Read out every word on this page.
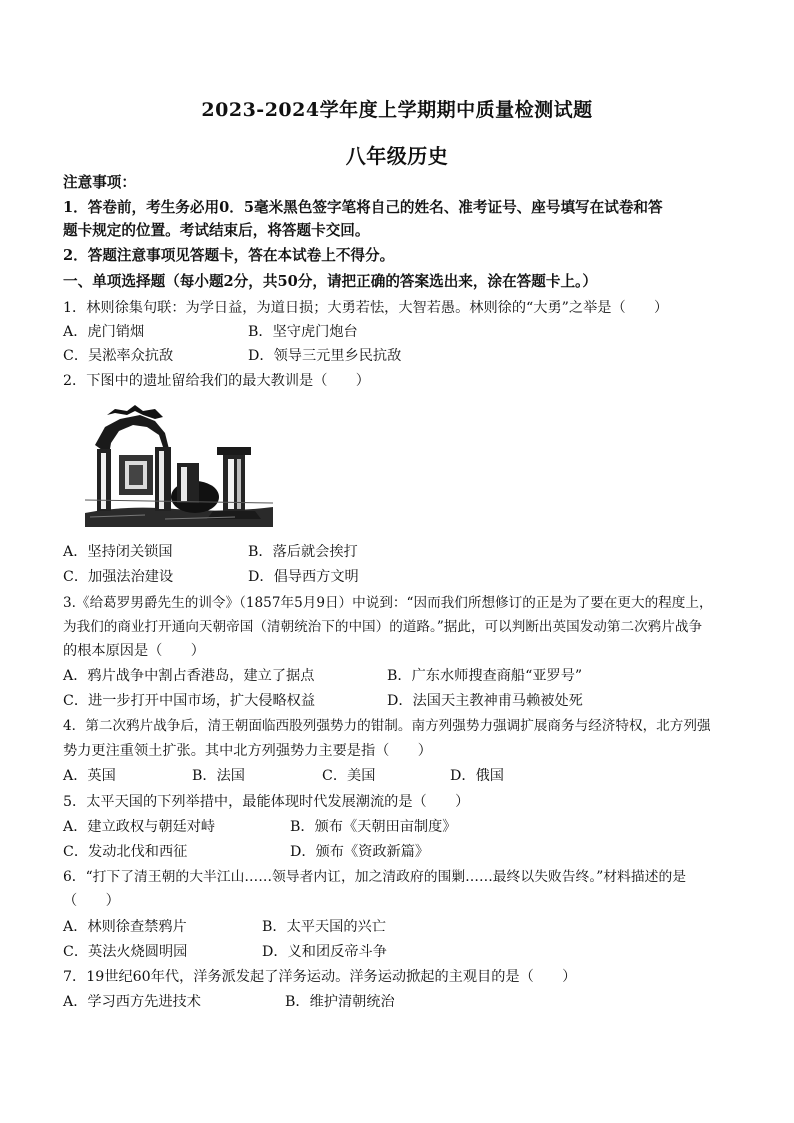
2023-2024学年度上学期期中质量检测试题
八年级历史
注意事项：
1．答卷前，考生务必用0．5毫米黑色签字笔将自己的姓名、准考证号、座号填写在试卷和答
题卡规定的位置。考试结束后，将答题卡交回。
2．答题注意事项见答题卡，答在本试卷上不得分。
一、单项选择题（每小题2分，共50分，请把正确的答案选出来，涂在答题卡上。）
1．林则徐集句联：为学日益，为道日损；大勇若怯，大智若愚。林则徐的“大勇”之举是（　　）
A．虎门销烟	B．坚守虎门炮台
C．吴淞率众抗敌	D．领导三元里乡民抗敌
2．下图中的遗址留给我们的最大教训是（　　）
A．坚持闭关锁国	B．落后就会挨打
C．加强法治建设	D．倡导西方文明
3.《给葛罗男爵先生的训令》（1857年5月9日）中说到：“因而我们所想修订的正是为了要在更大的程度上，
为我们的商业打开通向天朝帝国（清朝统治下的中国）的道路。”据此，可以判断出英国发动第二次鸦片战争
的根本原因是（　　）
A．鸦片战争中割占香港岛，建立了据点	B．广东水师搜查商船“亚罗号”
C．进一步打开中国市场，扩大侵略权益	D．法国天主教神甫马赖被处死
4．第二次鸦片战争后，清王朝面临西股列强势力的钳制。南方列强势力强调扩展商务与经济特权，北方列强
势力更注重领土扩张。其中北方列强势力主要是指（　　）
A．英国	B．法国	C．美国	D．俄国
5．太平天国的下列举措中，最能体现时代发展潮流的是（　　）
A．建立政权与朝廷对峙	B．颁布《天朝田亩制度》
C．发动北伐和西征	D．颁布《资政新篇》
6．“打下了清王朝的大半江山……领导者内讧，加之清政府的围剿……最终以失败告终。”材料描述的是
（　　）
A．林则徐查禁鸦片	B．太平天国的兴亡
C．英法火烧圆明园	D．义和团反帝斗争
7．19世纪60年代，洋务派发起了洋务运动。洋务运动掀起的主观目的是（　　）
A．学习西方先进技术	B．维护清朝统治
